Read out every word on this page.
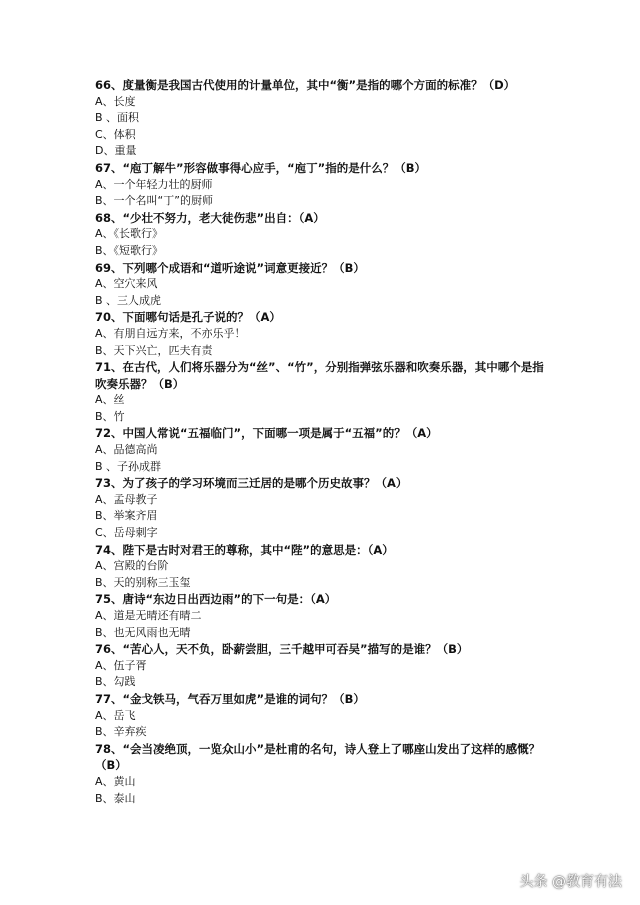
66、度量衡是我国古代使用的计量单位，其中“衡”是指的哪个方面的标准？（D）
A、长度
B 、面积
C、体积
D、重量
67、“庖丁解牛”形容做事得心应手，“庖丁”指的是什么？（B）
A、一个年轻力壮的厨师
B、一个名叫“丁”的厨师
68、“少壮不努力，老大徒伤悲”出自：（A）
A、《长歌行》
B、《短歌行》
69、下列哪个成语和“道听途说”词意更接近？（B）
A、空穴来风
B 、三人成虎
70、下面哪句话是孔子说的？（A）
A、有朋自远方来，不亦乐乎！
B、天下兴亡，匹夫有责
71、在古代，人们将乐器分为“丝”、“竹”，分别指弹弦乐器和吹奏乐器，其中哪个是指吹奏乐器？（B）
A、丝
B、竹
72、中国人常说“五福临门”，下面哪一项是属于“五福”的？（A）
A、品德高尚
B 、子孙成群
73、为了孩子的学习环境而三迁居的是哪个历史故事？（A）
A、孟母教子
B、举案齐眉
C、岳母刺字
74、陛下是古时对君王的尊称，其中“陛”的意思是：（A）
A、宫殿的台阶
B、天的别称三玉玺
75、唐诗“东边日出西边雨”的下一句是：（A）
A、道是无晴还有晴二
B、也无风雨也无晴
76、“苦心人，天不负，卧薪尝胆，三千越甲可吞吴”描写的是谁？（B）
A、伍子胥
B、勾践
77、“金戈铁马，气吞万里如虎”是谁的词句？（B）
A、岳飞
B、辛弃疾
78、“会当凌绝顶，一览众山小”是杜甫的名句，诗人登上了哪座山发出了这样的感慨？（B）
A、黄山
B、泰山
头条 @教育有法
